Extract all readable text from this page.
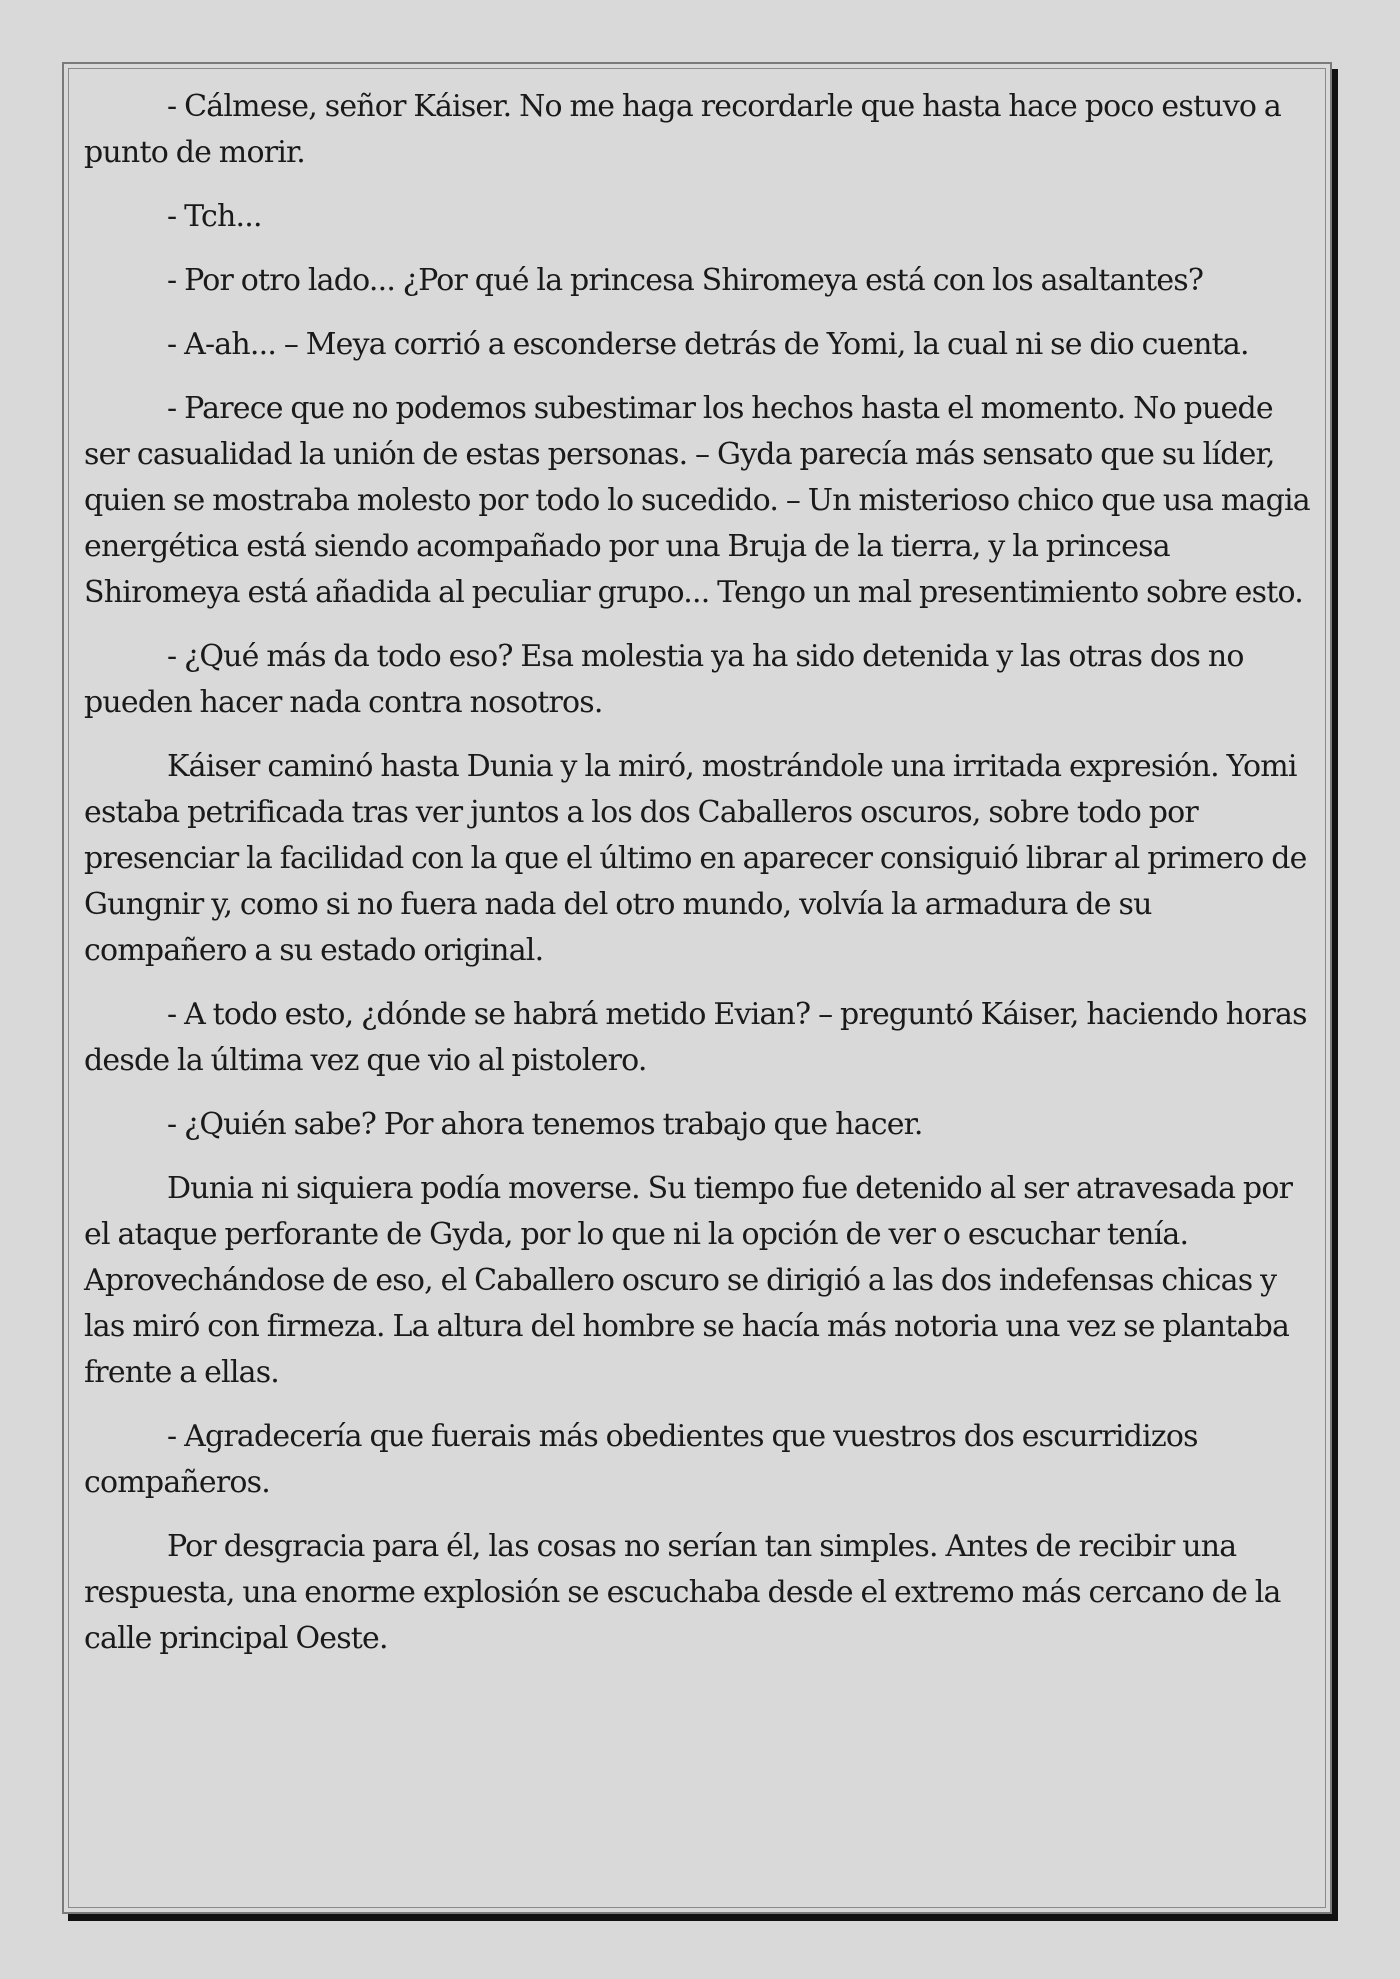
- Cálmese, señor Káiser. No me haga recordarle que hasta hace poco estuvo a punto de morir.

- Tch...

- Por otro lado... ¿Por qué la princesa Shiromeya está con los asaltantes?

- A-ah... – Meya corrió a esconderse detrás de Yomi, la cual ni se dio cuenta.

- Parece que no podemos subestimar los hechos hasta el momento. No puede ser casualidad la unión de estas personas. – Gyda parecía más sensato que su líder, quien se mostraba molesto por todo lo sucedido. – Un misterioso chico que usa magia energética está siendo acompañado por una Bruja de la tierra, y la princesa Shiromeya está añadida al peculiar grupo... Tengo un mal presentimiento sobre esto.

- ¿Qué más da todo eso? Esa molestia ya ha sido detenida y las otras dos no pueden hacer nada contra nosotros.

Káiser caminó hasta Dunia y la miró, mostrándole una irritada expresión. Yomi estaba petrificada tras ver juntos a los dos Caballeros oscuros, sobre todo por presenciar la facilidad con la que el último en aparecer consiguió librar al primero de Gungnir y, como si no fuera nada del otro mundo, volvía la armadura de su compañero a su estado original.

- A todo esto, ¿dónde se habrá metido Evian? – preguntó Káiser, haciendo horas desde la última vez que vio al pistolero.

- ¿Quién sabe? Por ahora tenemos trabajo que hacer.

Dunia ni siquiera podía moverse. Su tiempo fue detenido al ser atravesada por el ataque perforante de Gyda, por lo que ni la opción de ver o escuchar tenía. Aprovechándose de eso, el Caballero oscuro se dirigió a las dos indefensas chicas y las miró con firmeza. La altura del hombre se hacía más notoria una vez se plantaba frente a ellas.

- Agradecería que fuerais más obedientes que vuestros dos escurridizos compañeros.

Por desgracia para él, las cosas no serían tan simples. Antes de recibir una respuesta, una enorme explosión se escuchaba desde el extremo más cercano de la calle principal Oeste.
